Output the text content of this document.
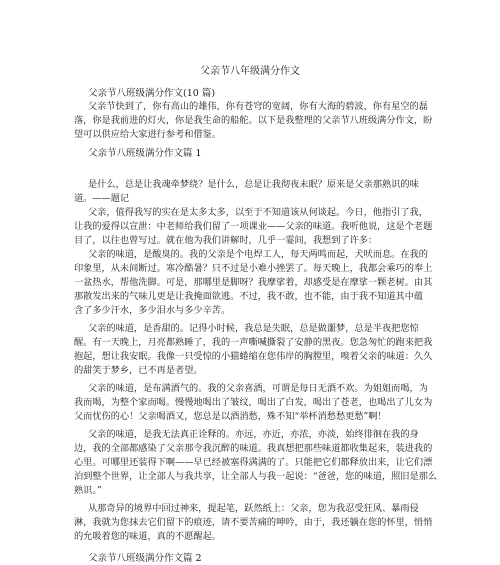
父亲节八年级满分作文
父亲节八班级满分作文(10 篇)
父亲节快到了，你有高山的雄伟，你有苍穹的宽阔，你有大海的碧波，你有星空的磊
落，你是我前进的灯火，你是我生命的船舵。以下是我整理的父亲节八班级满分作文，盼
望可以供应给大家进行参考和借鉴。
父亲节八班级满分作文篇 1
是什么，总是让我魂牵梦绕？是什么，总是让我彻夜未眠？原来是父亲那熟识的味
道。——题记
父亲，值得我写的实在是太多太多，以至于不知道该从何谈起。今日，他指引了我，
让我的爱得以宣泄：中老师给我们留了一项课业——父亲的味道。我听他说，这是个老题
目了，以往也曾写过。就在他为我们讲解时，几乎一霎间，我想到了许多：
父亲的味道，是酸臭的。我的父亲是个电焊工人，每天两鸣而起，犬吠而息。在我的
印象里，从未间断过。寒冷酷暑？只不过是小难小挫罢了。每天晚上，我都会乘巧的奉上
一盆热水，帮他洗脚。可是，那哪里是脚呀？我摩挲着，却感受是在摩挲一颗老树。由其
那散发出来的气味儿更是让我掩面欲逃。不过，我不敢，也不能，由于我不知道其中蕴
含了多少汗水，多少泪水与多少辛苦。
父亲的味道，是香甜的。记得小时候，我总是失眠，总是做噩梦，总是半夜把您惊
醒。有一天晚上，月亮都熟睡了，我的一声嘶喊撕裂了安静的黑夜。您急匆忙的跑来把我
抱起，想让我安眠。我像一只受惊的小猫蜷缩在您伟岸的胸膛里，嗅着父亲的味道：久久
的甜笑于梦乡，已不再是者望。
父亲的味道，是布满酒气的。我的父亲喜酒，可谓是每日无酒不欢。为姐姐而喝，为
我而喝，为整个家而喝。慢慢地喝出了皱纹，喝出了白发，喝出了苍老，也喝出了儿女为
父而忧伤的心！父亲喝酒又，您总是以酒消愁，殊不知“举杯消愁愁更愁”啊！
父亲的味道，是我无法真正诠释的。亦远，亦近，亦浓，亦淡，始终徘徊在我的身
边，我的全部都感染了父亲那令我沉醉的味道。我真想把那些味道都收集起来，装进我的
心里。可哪里还装得下啊——早已经被塞得满满的了。只能把它们都释放出来，让它们漂
泊到整个世界，让全部人与我共享，让全部人与我一起说：“爸爸，您的味道，照旧是那么
熟识。”
从那奇异的境界中回过神来，提起笔，跃然纸上：父亲，您为我忍受狂风、暴雨侵
淋，我就为您抹去它们留下的痕迹，请不要苦痛的呻吟，由于，我还躺在您的怀里，悄悄
的允吸着您的味道，真的不愿醒起。
父亲节八班级满分作文篇 2
